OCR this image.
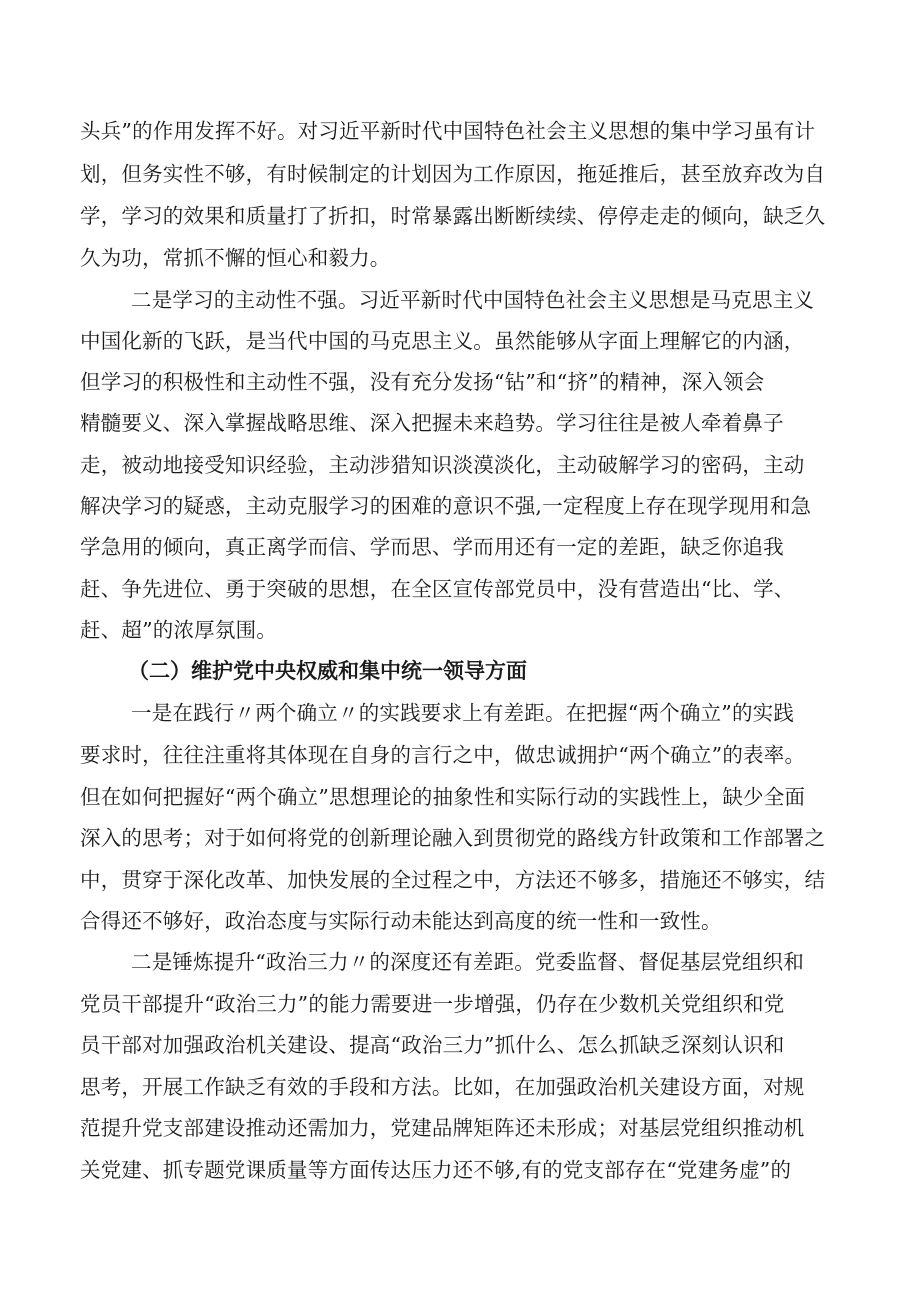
头兵”的作用发挥不好。对习近平新时代中国特色社会主义思想的集中学习虽有计
划，但务实性不够，有时候制定的计划因为工作原因，拖延推后，甚至放弃改为自
学，学习的效果和质量打了折扣，时常暴露出断断续续、停停走走的倾向，缺乏久
久为功，常抓不懈的恒心和毅力。
二是学习的主动性不强。习近平新时代中国特色社会主义思想是马克思主义
中国化新的飞跃，是当代中国的马克思主义。虽然能够从字面上理解它的内涵，
但学习的积极性和主动性不强，没有充分发扬“钻”和“挤”的精神，深入领会
精髓要义、深入掌握战略思维、深入把握未来趋势。学习往往是被人牵着鼻子
走，被动地接受知识经验，主动涉猎知识淡漠淡化，主动破解学习的密码，主动
解决学习的疑惑，主动克服学习的困难的意识不强,一定程度上存在现学现用和急
学急用的倾向，真正离学而信、学而思、学而用还有一定的差距，缺乏你追我
赶、争先进位、勇于突破的思想，在全区宣传部党员中，没有营造出“比、学、
赶、超”的浓厚氛围。
（二）维护党中央权威和集中统一领导方面
一是在践行〃两个确立〃的实践要求上有差距。在把握“两个确立”的实践
要求时，往往注重将其体现在自身的言行之中，做忠诚拥护“两个确立”的表率。
但在如何把握好“两个确立”思想理论的抽象性和实际行动的实践性上，缺少全面
深入的思考；对于如何将党的创新理论融入到贯彻党的路线方针政策和工作部署之
中，贯穿于深化改革、加快发展的全过程之中，方法还不够多，措施还不够实，结
合得还不够好，政治态度与实际行动未能达到高度的统一性和一致性。
二是锤炼提升“政治三力〃的深度还有差距。党委监督、督促基层党组织和
党员干部提升“政治三力”的能力需要进一步增强，仍存在少数机关党组织和党
员干部对加强政治机关建设、提高“政治三力”抓什么、怎么抓缺乏深刻认识和
思考，开展工作缺乏有效的手段和方法。比如，在加强政治机关建设方面，对规
范提升党支部建设推动还需加力，党建品牌矩阵还未形成；对基层党组织推动机
关党建、抓专题党课质量等方面传达压力还不够,有的党支部存在“党建务虚”的
